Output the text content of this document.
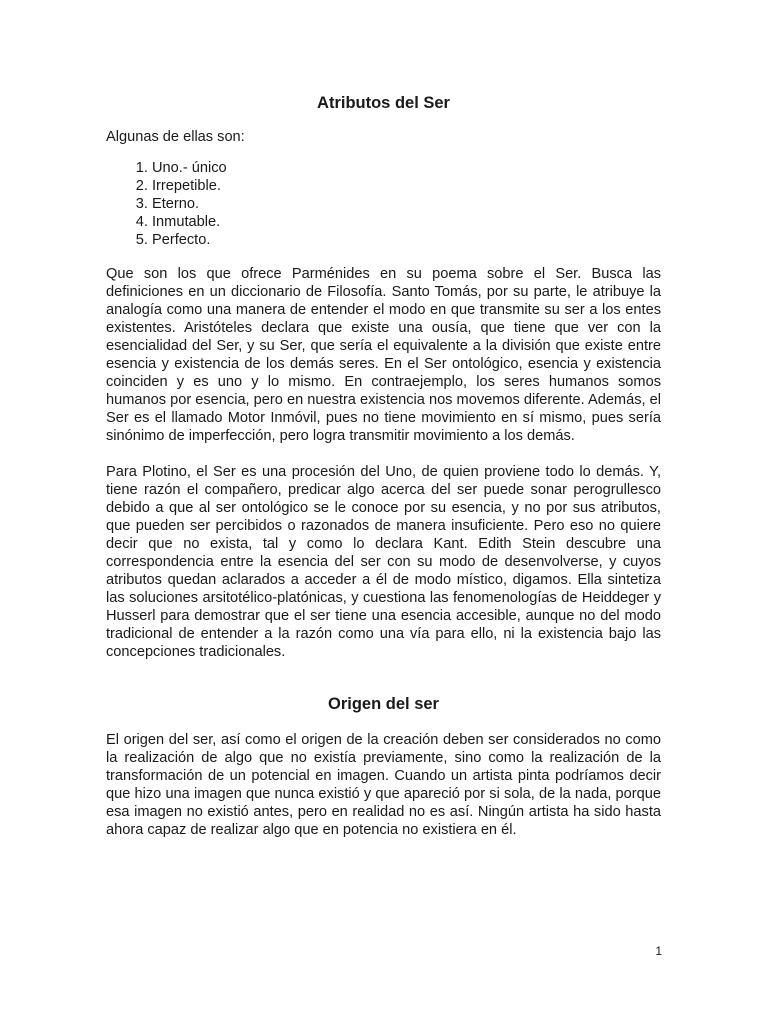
Atributos del Ser

Algunas de ellas son:

1. Uno.- único
2. Irrepetible.
3. Eterno.
4. Inmutable.
5. Perfecto.

Que son los que ofrece Parménides en su poema sobre el Ser. Busca las definiciones en un diccionario de Filosofía. Santo Tomás, por su parte, le atribuye la analogía como una manera de entender el modo en que transmite su ser a los entes existentes. Aristóteles declara que existe una ousía, que tiene que ver con la esencialidad del Ser, y su Ser, que sería el equivalente a la división que existe entre esencia y existencia de los demás seres. En el Ser ontológico, esencia y existencia coinciden y es uno y lo mismo. En contraejemplo, los seres humanos somos humanos por esencia, pero en nuestra existencia nos movemos diferente. Además, el Ser es el llamado Motor Inmóvil, pues no tiene movimiento en sí mismo, pues sería sinónimo de imperfección, pero logra transmitir movimiento a los demás.

Para Plotino, el Ser es una procesión del Uno, de quien proviene todo lo demás. Y, tiene razón el compañero, predicar algo acerca del ser puede sonar perogrullesco debido a que al ser ontológico se le conoce por su esencia, y no por sus atributos, que pueden ser percibidos o razonados de manera insuficiente. Pero eso no quiere decir que no exista, tal y como lo declara Kant. Edith Stein descubre una correspondencia entre la esencia del ser con su modo de desenvolverse, y cuyos atributos quedan aclarados a acceder a él de modo místico, digamos. Ella sintetiza las soluciones arsitotélico-platónicas, y cuestiona las fenomenologías de Heiddeger y Husserl para demostrar que el ser tiene una esencia accesible, aunque no del modo tradicional de entender a la razón como una vía para ello, ni la existencia bajo las concepciones tradicionales.

Origen del ser

El origen del ser, así como el origen de la creación deben ser considerados no como la realización de algo que no existía previamente, sino como la realización de la transformación de un potencial en imagen. Cuando un artista pinta podríamos decir que hizo una imagen que nunca existió y que apareció por si sola, de la nada, porque esa imagen no existió antes, pero en realidad no es así. Ningún artista ha sido hasta ahora capaz de realizar algo que en potencia no existiera en él.

1
